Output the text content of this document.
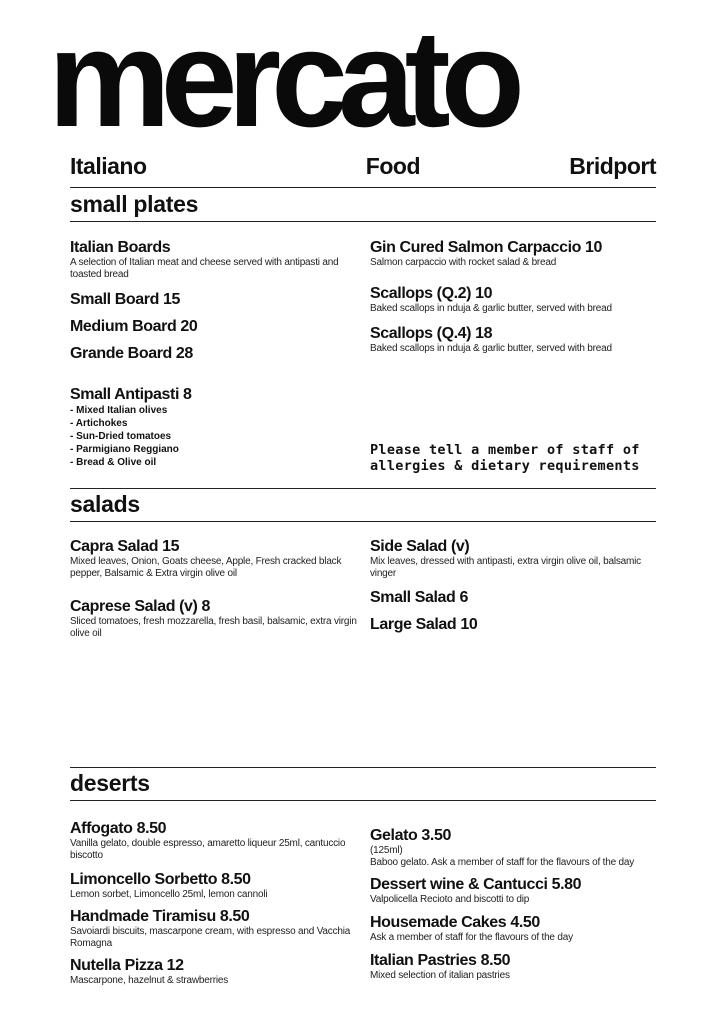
mercato
Italiano	Food	Bridport
small plates
Italian Boards
A selection of Italian meat and cheese served with antipasti and toasted bread
Small Board 15
Medium Board 20
Grande Board 28
Small Antipasti 8
- Mixed Italian olives
- Artichokes
- Sun-Dried tomatoes
- Parmigiano Reggiano
- Bread & Olive oil
Gin Cured Salmon Carpaccio 10
Salmon carpaccio with rocket salad & bread
Scallops (Q.2) 10
Baked scallops in nduja & garlic butter, served with bread
Scallops (Q.4) 18
Baked scallops in nduja & garlic butter, served with bread
Please tell a member of staff of
allergies & dietary requirements
salads
Capra Salad 15
Mixed leaves, Onion, Goats cheese, Apple, Fresh cracked black pepper, Balsamic & Extra virgin olive oil
Caprese Salad (v) 8
Sliced tomatoes, fresh mozzarella, fresh basil, balsamic, extra virgin olive oil
Side Salad (v)
Mix leaves, dressed with antipasti, extra virgin olive oil, balsamic vinger
Small Salad 6
Large Salad 10
deserts
Affogato 8.50
Vanilla gelato, double espresso, amaretto liqueur 25ml, cantuccio biscotto
Limoncello Sorbetto 8.50
Lemon sorbet, Limoncello 25ml, lemon cannoli
Handmade Tiramisu 8.50
Savoiardi biscuits, mascarpone cream, with espresso and Vacchia Romagna
Nutella Pizza 12
Mascarpone, hazelnut & strawberries
Gelato 3.50
(125ml)
Baboo gelato. Ask a member of staff for the flavours of the day
Dessert wine & Cantucci 5.80
Valpolicella Recioto and biscotti to dip
Housemade Cakes 4.50
Ask a member of staff for the flavours of the day
Italian Pastries 8.50
Mixed selection of italian pastries
